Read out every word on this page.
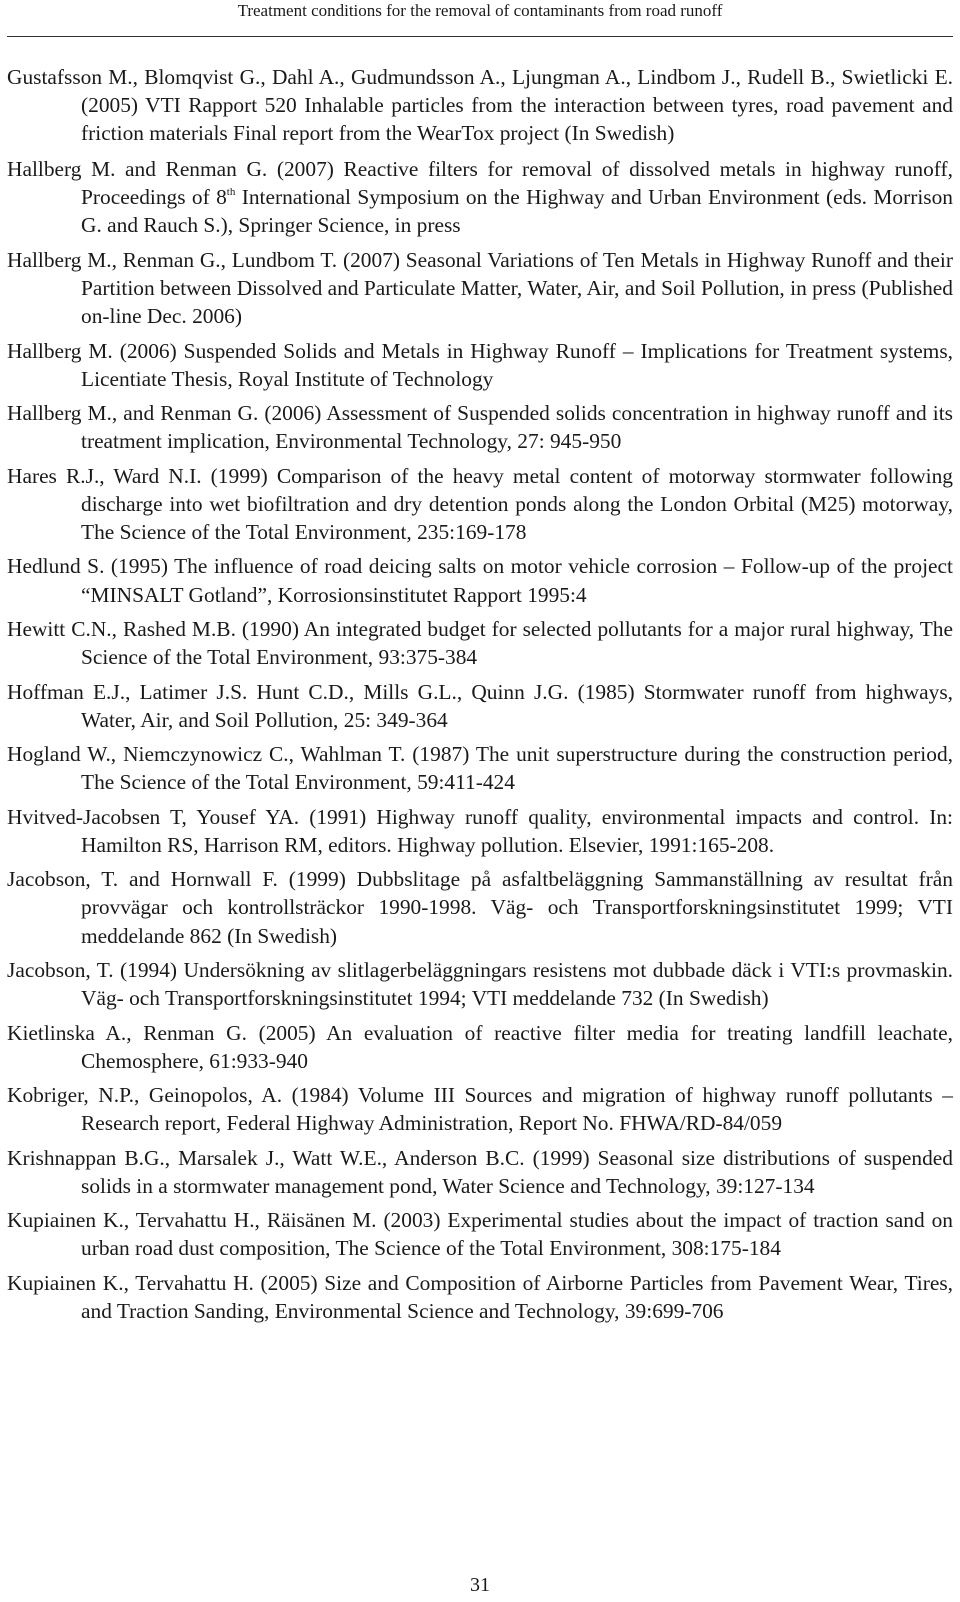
Treatment conditions for the removal of contaminants from road runoff
Gustafsson M., Blomqvist G., Dahl A., Gudmundsson A., Ljungman A., Lindbom J., Rudell B., Swietlicki E. (2005) VTI Rapport 520 Inhalable particles from the interaction between tyres, road pavement and friction materials Final report from the WearTox project (In Swedish)
Hallberg M. and Renman G. (2007) Reactive filters for removal of dissolved metals in highway runoff, Proceedings of 8th International Symposium on the Highway and Urban Environment (eds. Morrison G. and Rauch S.), Springer Science, in press
Hallberg M., Renman G., Lundbom T. (2007) Seasonal Variations of Ten Metals in Highway Runoff and their Partition between Dissolved and Particulate Matter, Water, Air, and Soil Pollution, in press (Published on-line Dec. 2006)
Hallberg M. (2006) Suspended Solids and Metals in Highway Runoff – Implications for Treatment systems, Licentiate Thesis, Royal Institute of Technology
Hallberg M., and Renman G. (2006) Assessment of Suspended solids concentration in highway runoff and its treatment implication, Environmental Technology, 27: 945-950
Hares R.J., Ward N.I. (1999) Comparison of the heavy metal content of motorway stormwater following discharge into wet biofiltration and dry detention ponds along the London Orbital (M25) motorway, The Science of the Total Environment, 235:169-178
Hedlund S. (1995) The influence of road deicing salts on motor vehicle corrosion – Follow-up of the project “MINSALT Gotland”, Korrosionsinstitutet Rapport 1995:4
Hewitt C.N., Rashed M.B. (1990) An integrated budget for selected pollutants for a major rural highway, The Science of the Total Environment, 93:375-384
Hoffman E.J., Latimer J.S. Hunt C.D., Mills G.L., Quinn J.G. (1985) Stormwater runoff from highways, Water, Air, and Soil Pollution, 25: 349-364
Hogland W., Niemczynowicz C., Wahlman T. (1987) The unit superstructure during the construction period, The Science of the Total Environment, 59:411-424
Hvitved-Jacobsen T, Yousef YA. (1991) Highway runoff quality, environmental impacts and control. In: Hamilton RS, Harrison RM, editors. Highway pollution. Elsevier, 1991:165-208.
Jacobson, T. and Hornwall F. (1999) Dubbslitage på asfaltbeläggning Sammanställning av resultat från provvägar och kontrollsträckor 1990-1998. Väg- och Transportforskningsinstitutet 1999; VTI meddelande 862 (In Swedish)
Jacobson, T. (1994) Undersökning av slitlagerbeläggningars resistens mot dubbade däck i VTI:s provmaskin. Väg- och Transportforskningsinstitutet 1994; VTI meddelande 732 (In Swedish)
Kietlinska A., Renman G. (2005) An evaluation of reactive filter media for treating landfill leachate, Chemosphere, 61:933-940
Kobriger, N.P., Geinopolos, A. (1984) Volume III Sources and migration of highway runoff pollutants – Research report, Federal Highway Administration, Report No. FHWA/RD-84/059
Krishnappan B.G., Marsalek J., Watt W.E., Anderson B.C. (1999) Seasonal size distributions of suspended solids in a stormwater management pond, Water Science and Technology, 39:127-134
Kupiainen K., Tervahattu H., Räisänen M. (2003) Experimental studies about the impact of traction sand on urban road dust composition, The Science of the Total Environment, 308:175-184
Kupiainen K., Tervahattu H. (2005) Size and Composition of Airborne Particles from Pavement Wear, Tires, and Traction Sanding, Environmental Science and Technology, 39:699-706
31
